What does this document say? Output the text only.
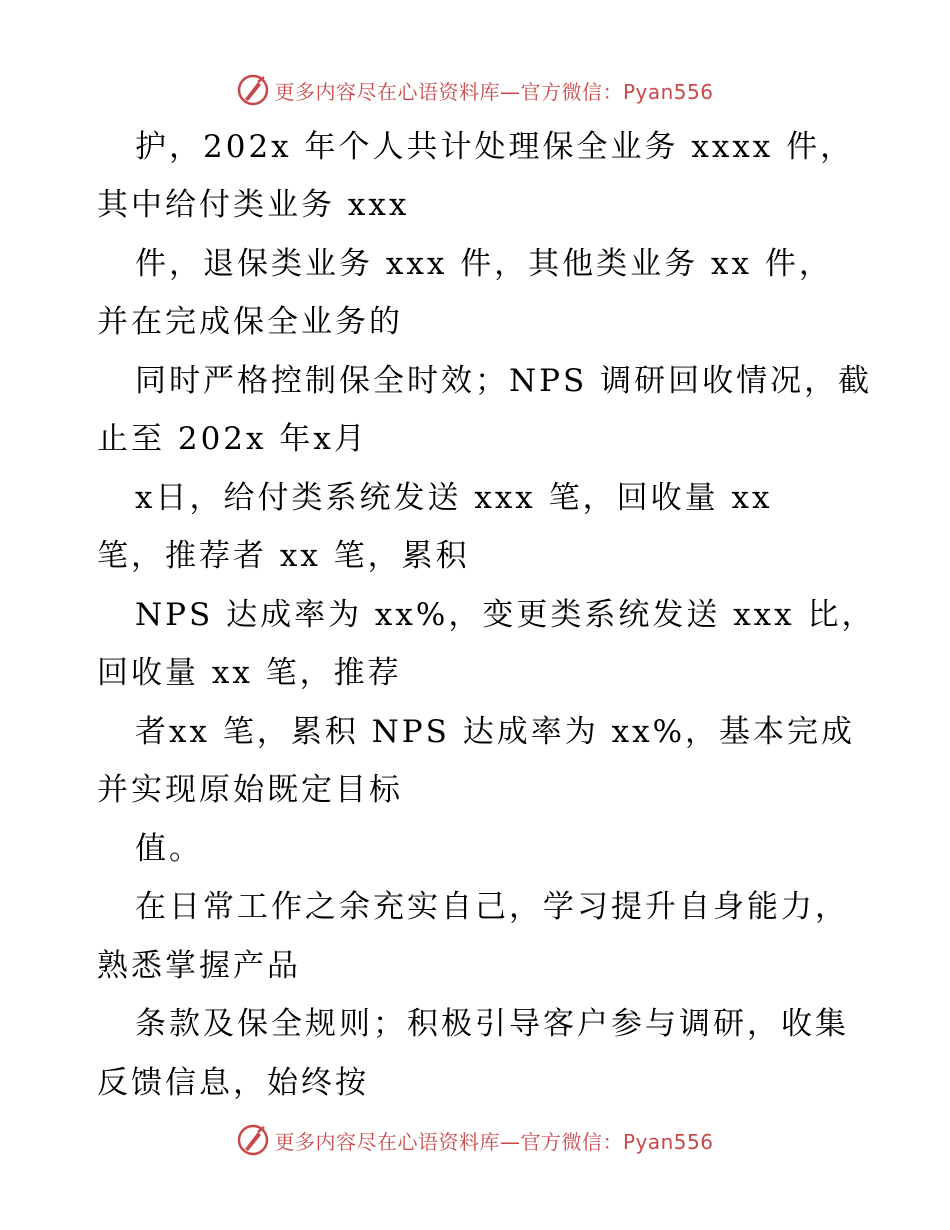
更多内容尽在心语资料库—官方微信：Pyan556
护，202x 年个人共计处理保全业务 xxxx 件，
其中给付类业务 xxx
件，退保类业务 xxx 件，其他类业务 xx 件，
并在完成保全业务的
同时严格控制保全时效；NPS 调研回收情况，截
止至 202x 年x月
x日，给付类系统发送 xxx 笔，回收量 xx
笔，推荐者 xx 笔，累积
NPS 达成率为 xx%，变更类系统发送 xxx 比，
回收量 xx 笔，推荐
者xx 笔，累积 NPS 达成率为 xx%，基本完成
并实现原始既定目标
值。
在日常工作之余充实自己，学习提升自身能力，
熟悉掌握产品
条款及保全规则；积极引导客户参与调研，收集
反馈信息，始终按
更多内容尽在心语资料库—官方微信：Pyan556
